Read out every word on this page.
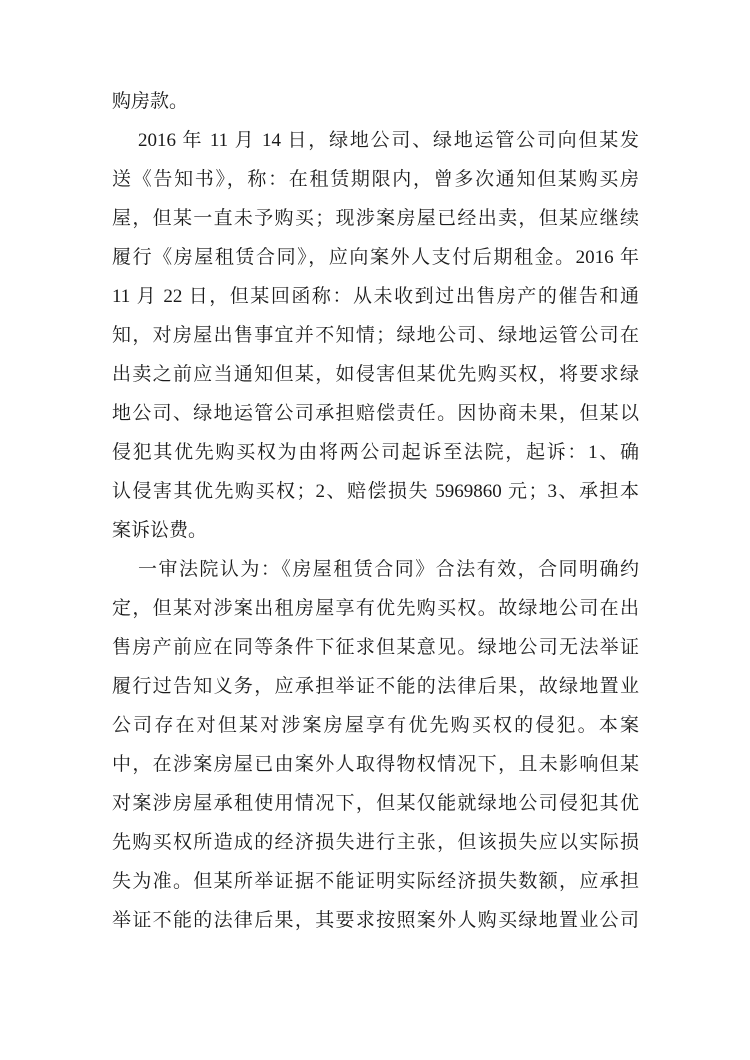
购房款。
2016 年 11 月 14 日，绿地公司、绿地运管公司向但某发
送《告知书》，称：在租赁期限内，曾多次通知但某购买房
屋，但某一直未予购买；现涉案房屋已经出卖，但某应继续
履行《房屋租赁合同》，应向案外人支付后期租金。2016 年
11 月 22 日，但某回函称：从未收到过出售房产的催告和通
知，对房屋出售事宜并不知情；绿地公司、绿地运管公司在
出卖之前应当通知但某，如侵害但某优先购买权，将要求绿
地公司、绿地运管公司承担赔偿责任。因协商未果，但某以
侵犯其优先购买权为由将两公司起诉至法院，起诉：1、确
认侵害其优先购买权；2、赔偿损失 5969860 元；3、承担本
案诉讼费。
一审法院认为：《房屋租赁合同》合法有效，合同明确约
定，但某对涉案出租房屋享有优先购买权。故绿地公司在出
售房产前应在同等条件下征求但某意见。绿地公司无法举证
履行过告知义务，应承担举证不能的法律后果，故绿地置业
公司存在对但某对涉案房屋享有优先购买权的侵犯。本案
中，在涉案房屋已由案外人取得物权情况下，且未影响但某
对案涉房屋承租使用情况下，但某仅能就绿地公司侵犯其优
先购买权所造成的经济损失进行主张，但该损失应以实际损
失为准。但某所举证据不能证明实际经济损失数额，应承担
举证不能的法律后果，其要求按照案外人购买绿地置业公司
